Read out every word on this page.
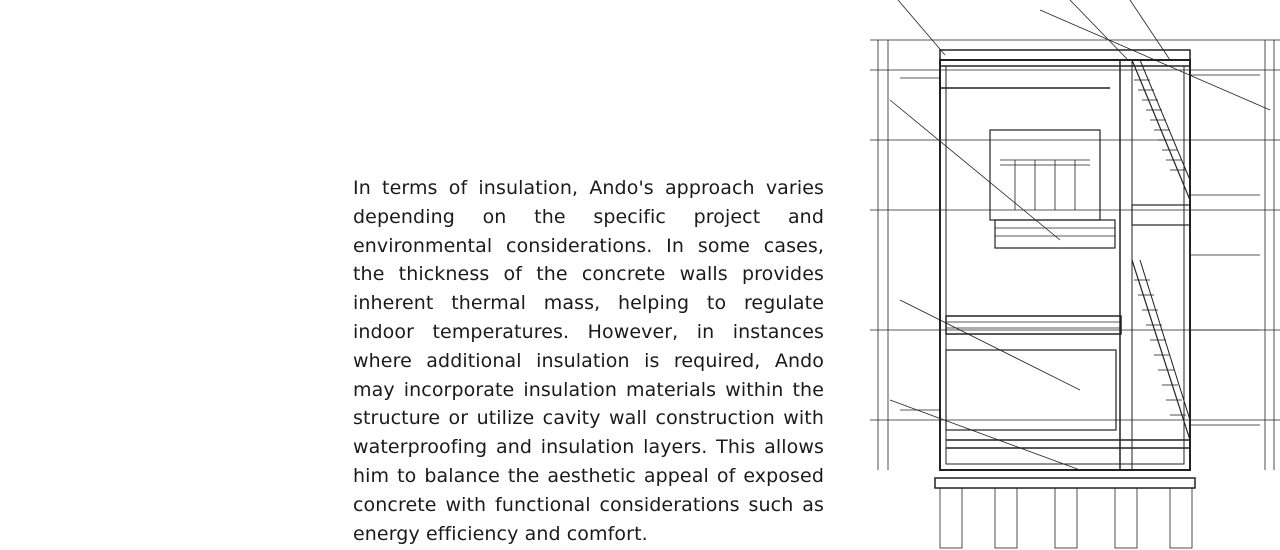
In terms of insulation, Ando's approach varies depending on the specific project and environmental considerations. In some cases, the thickness of the concrete walls provides inherent thermal mass, helping to regulate indoor temperatures. However, in instances where additional insulation is required, Ando may incorporate insulation materials within the structure or utilize cavity wall construction with waterproofing and insulation layers. This allows him to balance the aesthetic appeal of exposed concrete with functional considerations such as energy efficiency and comfort.
